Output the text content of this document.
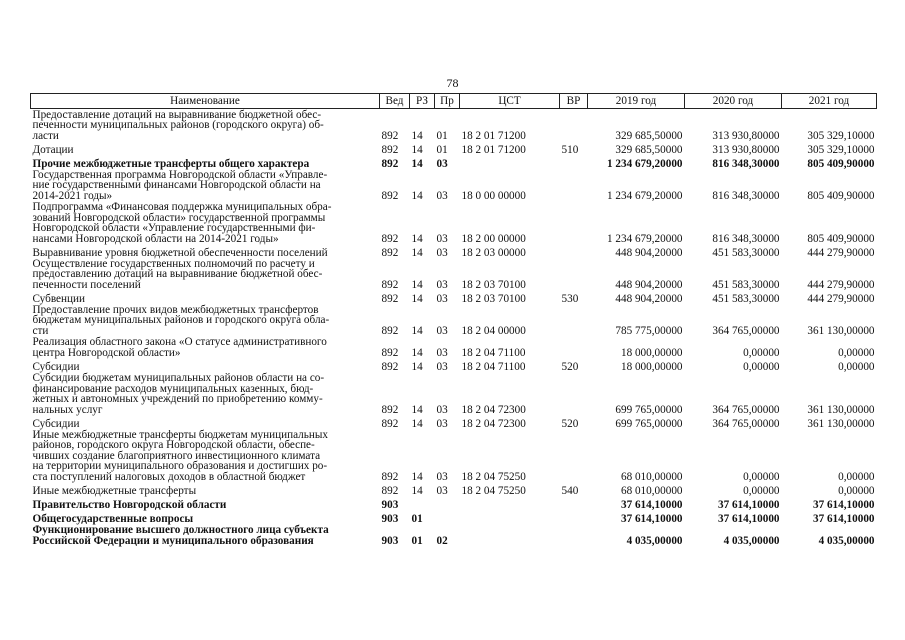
78
Наименование	Вед	РЗ	Пр	ЦСТ	ВР	2019 год	2020 год	2021 год
Предоставление дотаций на выравнивание бюджетной обес-
печенности муниципальных районов (городского округа) об-
ласти	892	14	01	18 2 01 71200		329 685,50000	313 930,80000	305 329,10000
Дотации	892	14	01	18 2 01 71200	510	329 685,50000	313 930,80000	305 329,10000
Прочие межбюджетные трансферты общего характера	892	14	03			1 234 679,20000	816 348,30000	805 409,90000
Государственная программа Новгородской области «Управле-
ние государственными финансами Новгородской области на
2014-2021 годы»	892	14	03	18 0 00 00000		1 234 679,20000	816 348,30000	805 409,90000
Подпрограмма «Финансовая поддержка муниципальных обра-
зований Новгородской области» государственной программы
Новгородской области «Управление государственными фи-
нансами Новгородской области на 2014-2021 годы»	892	14	03	18 2 00 00000		1 234 679,20000	816 348,30000	805 409,90000
Выравнивание уровня бюджетной обеспеченности поселений	892	14	03	18 2 03 00000		448 904,20000	451 583,30000	444 279,90000
Осуществление государственных полномочий по расчету и
предоставлению дотаций на выравнивание бюджетной обес-
печенности поселений	892	14	03	18 2 03 70100		448 904,20000	451 583,30000	444 279,90000
Субвенции	892	14	03	18 2 03 70100	530	448 904,20000	451 583,30000	444 279,90000
Предоставление прочих видов межбюджетных трансфертов
бюджетам муниципальных районов и городского округа обла-
сти	892	14	03	18 2 04 00000		785 775,00000	364 765,00000	361 130,00000
Реализация областного закона «О статусе административного
центра Новгородской области»	892	14	03	18 2 04 71100		18 000,00000	0,00000	0,00000
Субсидии	892	14	03	18 2 04 71100	520	18 000,00000	0,00000	0,00000
Субсидии бюджетам муниципальных районов области на со-
финансирование расходов муниципальных казенных, бюд-
жетных и автономных учреждений по приобретению комму-
нальных услуг	892	14	03	18 2 04 72300		699 765,00000	364 765,00000	361 130,00000
Субсидии	892	14	03	18 2 04 72300	520	699 765,00000	364 765,00000	361 130,00000
Иные межбюджетные трансферты бюджетам муниципальных
районов, городского округа Новгородской области, обеспе-
чивших создание благоприятного инвестиционного климата
на территории муниципального образования и достигших ро-
ста поступлений налоговых доходов в областной бюджет	892	14	03	18 2 04 75250		68 010,00000	0,00000	0,00000
Иные межбюджетные трансферты	892	14	03	18 2 04 75250	540	68 010,00000	0,00000	0,00000
Правительство Новгородской области	903					37 614,10000	37 614,10000	37 614,10000
Общегосударственные вопросы	903	01				37 614,10000	37 614,10000	37 614,10000
Функционирование высшего должностного лица субъекта
Российской Федерации и муниципального образования	903	01	02			4 035,00000	4 035,00000	4 035,00000
